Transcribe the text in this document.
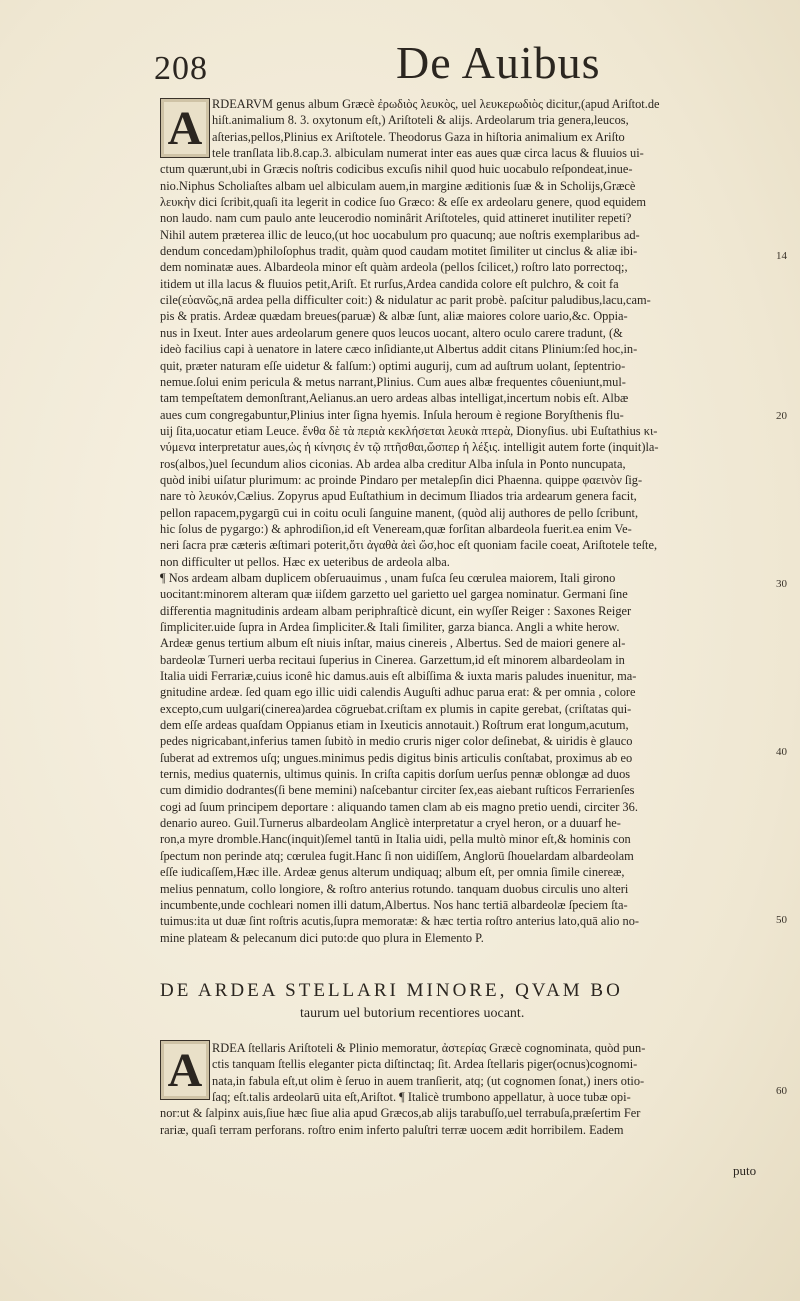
208	De Auibus
A RDEARVM genus album Græcè ἐρωδιὸς λευκὸς, uel λευκερωδιὸς dicitur,(apud Ariſtot.de
hiſt.animalium 8. 3. oxytonum eſt,) Ariſtoteli & alijs. Ardeolarum tria genera,leucos,
aſterias,pellos,Plinius ex Ariſtotele. Theodorus Gaza in hiſtoria animalium ex Ariſto
tele tranſlata lib.8.cap.3. albiculam numerat inter eas aues quæ circa lacus & fluuios ui-
ctum quærunt,ubi in Græcis noſtris codicibus excuſis nihil quod huic uocabulo reſpondeat,inue-
nio.Niphus Scholiaſtes albam uel albiculam auem,in margine æditionis ſuæ & in Scholijs,Græcè
λευκὴν dici ſcribit,quaſi ita legerit in codice ſuo Græco: & eſſe ex ardeolaru genere, quod equidem
non laudo. nam cum paulo ante leucerodio nominârit Ariſtoteles, quid attineret inutiliter repeti?
Nihil autem præterea illic de leuco,(ut hoc uocabulum pro quacunq; aue noſtris exemplaribus ad-
dendum concedam)philoſophus tradit, quàm quod caudam motitet ſimiliter ut cinclus & aliæ ibi-
dem nominatæ aues. Albardeola minor eſt quàm ardeola (pellos ſcilicet,) roſtro lato porrectoq;,
itidem ut illa lacus & fluuios petit,Ariſt. Et rurſus,Ardea candida colore eſt pulchro, & coit fa
cile(εὐανῶς,nā ardea pella difficulter coit:) & nidulatur ac parit probè. paſcitur paludibus,lacu,cam-
pis & pratis. Ardeæ quædam breues(paruæ) & albæ ſunt, aliæ maiores colore uario,&c. Oppia-
nus in Ixeut. Inter aues ardeolarum genere quos leucos uocant, altero oculo carere tradunt, (&
ideò facilius capi à uenatore in latere cæco inſidiante,ut Albertus addit citans Plinium:ſed hoc,in-
quit, præter naturam eſſe uidetur & falſum:) optimi augurij, cum ad auſtrum uolant, ſeptentrio-
nemue.ſolui enim pericula & metus narrant,Plinius. Cum aues albæ frequentes côueniunt,mul-
tam tempeſtatem demonſtrant,Aelianus.an uero ardeas albas intelligat,incertum nobis eſt. Albæ
aues cum congregabuntur,Plinius inter ſigna hyemis. Inſula heroum è regione Boryſthenis flu-
uij ſita,uocatur etiam Leuce. ἔνθα δὲ τὰ περιὰ κεκλήσεται λευκὰ πτερὰ, Dionyſius. ubi Euſtathius κι-
νύμενα interpretatur aues,ὡς ἡ κίνησις ἐν τῷ πτῆσθαι,ὥσπερ ἡ λέξις. intelligit autem forte (inquit)la-
ros(albos,)uel ſecundum alios ciconias. Ab ardea alba creditur Alba inſula in Ponto nuncupata,
quòd inibi uiſatur plurimum: ac proinde Pindaro per metalepſin dici Phaenna. quippe φαεινὸν ſig-
nare τὸ λευκόν,Cælius. Zopyrus apud Euſtathium in decimum Iliados tria ardearum genera facit,
pellon rapacem,pygargū cui in coitu oculi ſanguine manent, (quòd alij authores de pello ſcribunt,
hic ſolus de pygargo:) & aphrodiſion,id eſt Veneream,quæ forſitan albardeola fuerit.ea enim Ve-
neri ſacra præ cæteris æſtimari poterit,ὅτι ἀγαθὰ ἀεὶ ὤσ,hoc eſt quoniam facile coeat, Ariſtotele teſte,
non difficulter ut pellos. Hæc ex ueteribus de ardeola alba.
¶ Nos ardeam albam duplicem obſeruauimus , unam fuſca ſeu cœrulea maiorem, Itali girono
uocitant:minorem alteram quæ iiſdem garzetto uel garietto uel gargea nominatur. Germani ſine
differentia magnitudinis ardeam albam periphraſticè dicunt, ein wyſſer Reiger : Saxones Reiger
ſimpliciter.uide ſupra in Ardea ſimpliciter.& Itali ſimiliter, garza bianca. Angli a white herow.
Ardeæ genus tertium album eſt niuis inſtar, maius cinereis , Albertus. Sed de maiori genere al-
bardeolæ Turneri uerba recitaui ſuperius in Cinerea. Garzettum,id eſt minorem albardeolam in
Italia uidi Ferrariæ,cuius iconê hic damus.auis eſt albiſſima & iuxta maris paludes inuenitur, ma-
gnitudine ardeæ. ſed quam ego illic uidi calendis Auguſti adhuc parua erat: & per omnia , colore
excepto,cum uulgari(cinerea)ardea cōgruebat.criſtam ex plumis in capite gerebat, (criſtatas qui-
dem eſſe ardeas quaſdam Oppianus etiam in Ixeuticis annotauit.) Roſtrum erat longum,acutum,
pedes nigricabant,inferius tamen ſubitò in medio cruris niger color deſinebat, & uiridis è glauco
ſuberat ad extremos uſq; ungues.minimus pedis digitus binis articulis conſtabat, proximus ab eo
ternis, medius quaternis, ultimus quinis. In criſta capitis dorſum uerſus pennæ oblongæ ad duos
cum dimidio dodrantes(ſi bene memini) naſcebantur circiter ſex,eas aiebant ruſticos Ferrarienſes
cogi ad ſuum principem deportare : aliquando tamen clam ab eis magno pretio uendi, circiter 36.
denario aureo. Guil.Turnerus albardeolam Anglicè interpretatur a cryel heron, or a duuarf he-
ron,a myre dromble.Hanc(inquit)ſemel tantū in Italia uidi, pella multò minor eſt,& hominis con
ſpectum non perinde atq; cœrulea fugit.Hanc ſi non uidiſſem, Anglorū ſhouelardam albardeolam
eſſe iudicaſſem,Hæc ille. Ardeæ genus alterum undiquaq; album eſt, per omnia ſimile cinereæ,
melius pennatum, collo longiore, & roſtro anterius rotundo. tanquam duobus circulis uno alteri
incumbente,unde cochleari nomen illi datum,Albertus. Nos hanc tertiā albardeolæ ſpeciem ſta-
tuimus:ita ut duæ ſint roſtris acutis,ſupra memoratæ: & hæc tertia roſtro anterius lato,quā alio no-
mine plateam & pelecanum dici puto:de quo plura in Elemento P.
DE ARDEA STELLARI MINORE, QVAM BO
taurum uel butorium recentiores uocant.
A RDEA ſtellaris Ariſtoteli & Plinio memoratur, ἀστερίας Græcè cognominata, quòd pun-
ctis tanquam ſtellis eleganter picta diſtinctaq; ſit. Ardea ſtellaris piger(ocnus)cognomi-
nata,in fabula eſt,ut olim è ſeruo in auem tranſierit, atq; (ut cognomen ſonat,) iners otio-
ſaq; eſt.talis ardeolarū uita eſt,Ariſtot. ¶ Italicè trumbono appellatur, à uoce tubæ opi-
nor:ut & ſalpinx auis,ſiue hæc ſiue alia apud Græcos,ab alijs tarabuſſo,uel terrabuſa,præſertim Fer
rariæ, quaſi terram perforans. roſtro enim inferto paluſtri terræ uocem ædit horribilem. Eadem
puto
14
20
30
40
50
60
